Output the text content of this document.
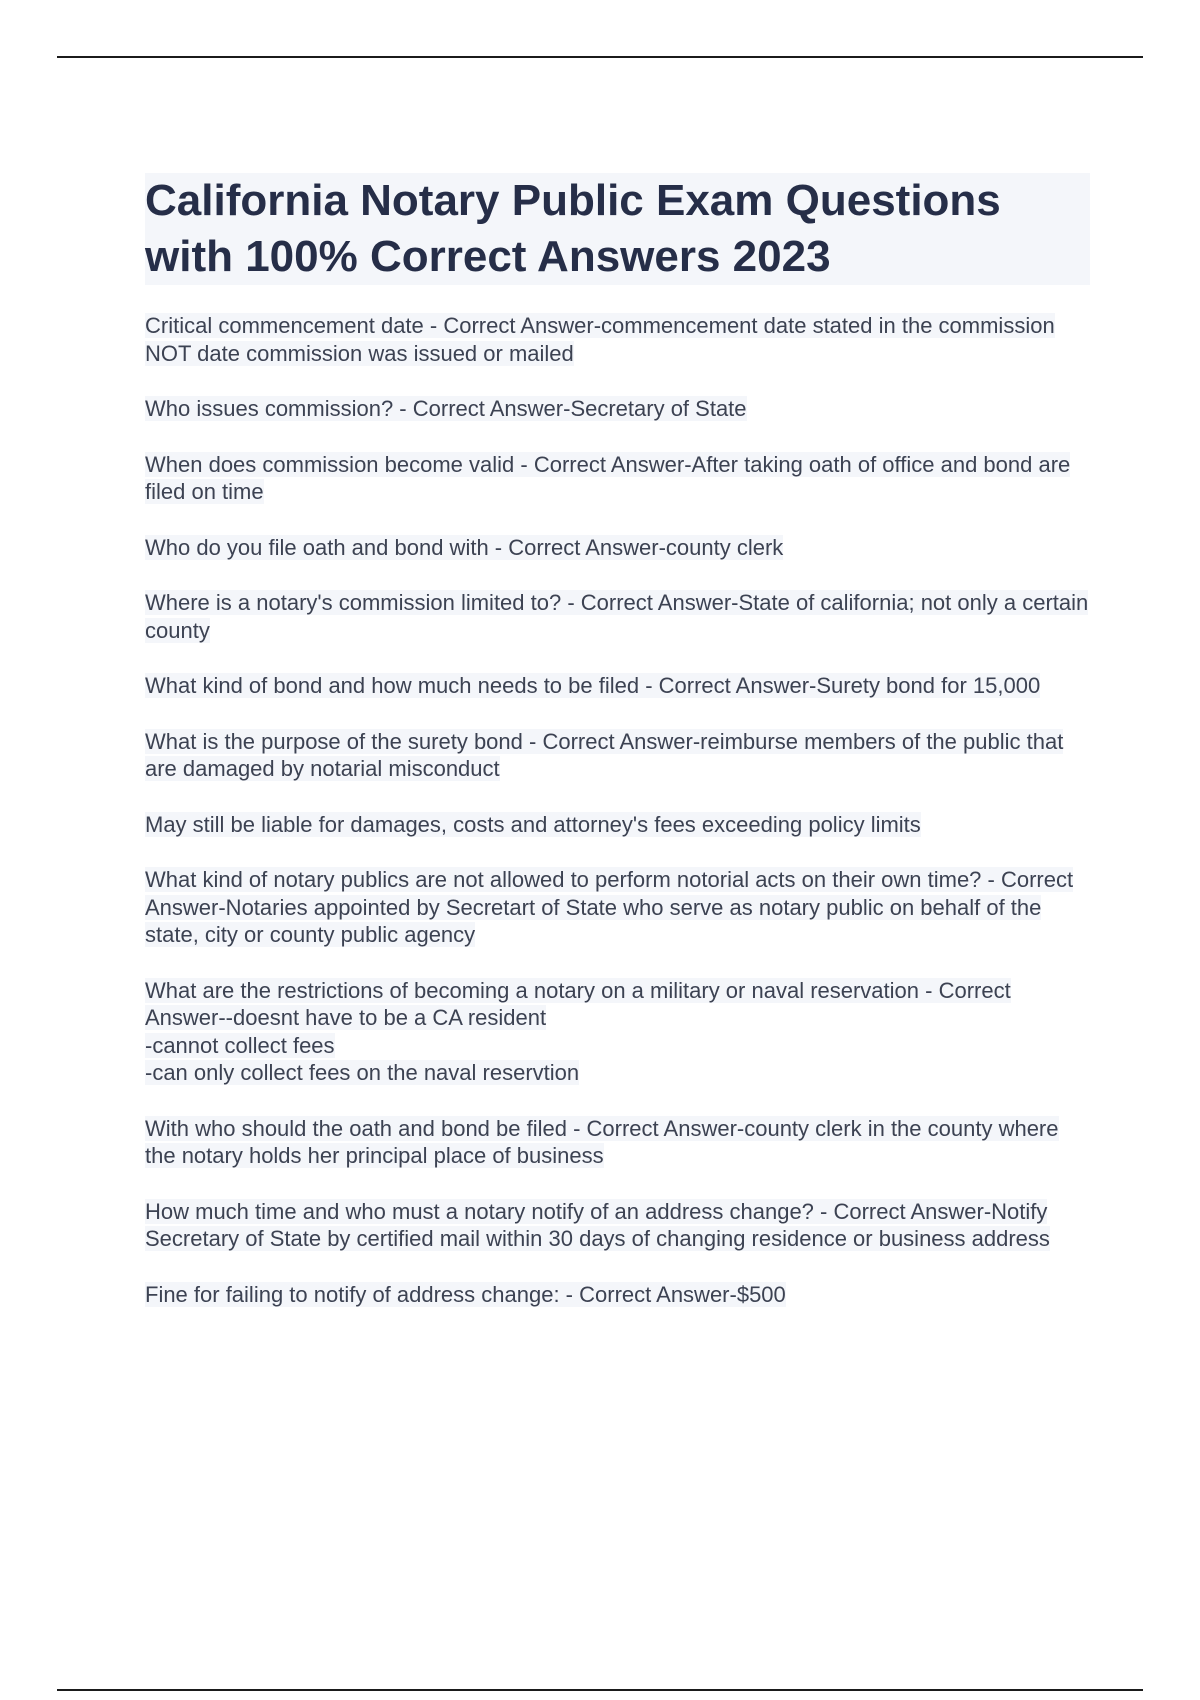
California Notary Public Exam Questions with 100% Correct Answers 2023
Critical commencement date - Correct Answer-commencement date stated in the commission NOT date commission was issued or mailed
Who issues commission? - Correct Answer-Secretary of State
When does commission become valid - Correct Answer-After taking oath of office and bond are filed on time
Who do you file oath and bond with - Correct Answer-county clerk
Where is a notary's commission limited to? - Correct Answer-State of california; not only a certain county
What kind of bond and how much needs to be filed - Correct Answer-Surety bond for 15,000
What is the purpose of the surety bond - Correct Answer-reimburse members of the public that are damaged by notarial misconduct
May still be liable for damages, costs and attorney's fees exceeding policy limits
What kind of notary publics are not allowed to perform notorial acts on their own time? - Correct Answer-Notaries appointed by Secretart of State who serve as notary public on behalf of the state, city or county public agency
What are the restrictions of becoming a notary on a military or naval reservation - Correct Answer--doesnt have to be a CA resident
-cannot collect fees
-can only collect fees on the naval reservtion
With who should the oath and bond be filed - Correct Answer-county clerk in the county where the notary holds her principal place of business
How much time and who must a notary notify of an address change? - Correct Answer-Notify Secretary of State by certified mail within 30 days of changing residence or business address
Fine for failing to notify of address change: - Correct Answer-$500
